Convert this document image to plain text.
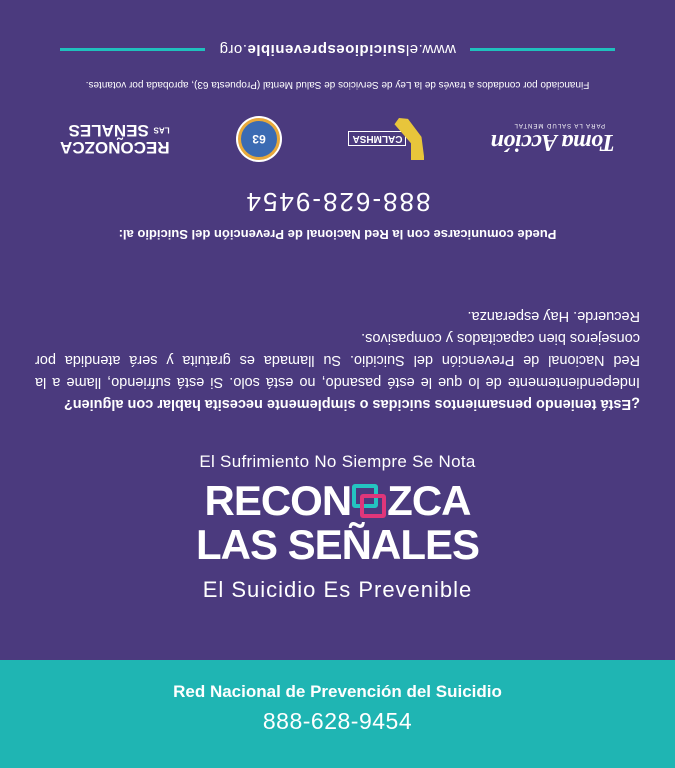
¿Está teniendo pensamientos suicidas o simplemente necesita hablar con alguien?
Independientemente de lo que le esté pasando, no está solo. Si está sufriendo, llame a la Red Nacional de Prevención del Suicidio. Su llamada es gratuita y será atendida por consejeros bien capacitados y compasivos.
Recuerde. Hay esperanza.
Puede comunicarse con la Red Nacional de Prevención del Suicidio al:
888-628-9454
Toma Acción
PARA LA SALUD MENTAL
CALMHSA
63
RECONOZCA
LAS SEÑALES
Financiado por condados a través de la Ley de Servicios de Salud Mental (Propuesta 63), aprobada por votantes.
www.elsuicidioesprevenible.org
El Sufrimiento No Siempre Se Nota
RECON ZCA
LAS SEÑALES
El Suicidio Es Prevenible
Red Nacional de Prevención del Suicidio
888-628-9454
